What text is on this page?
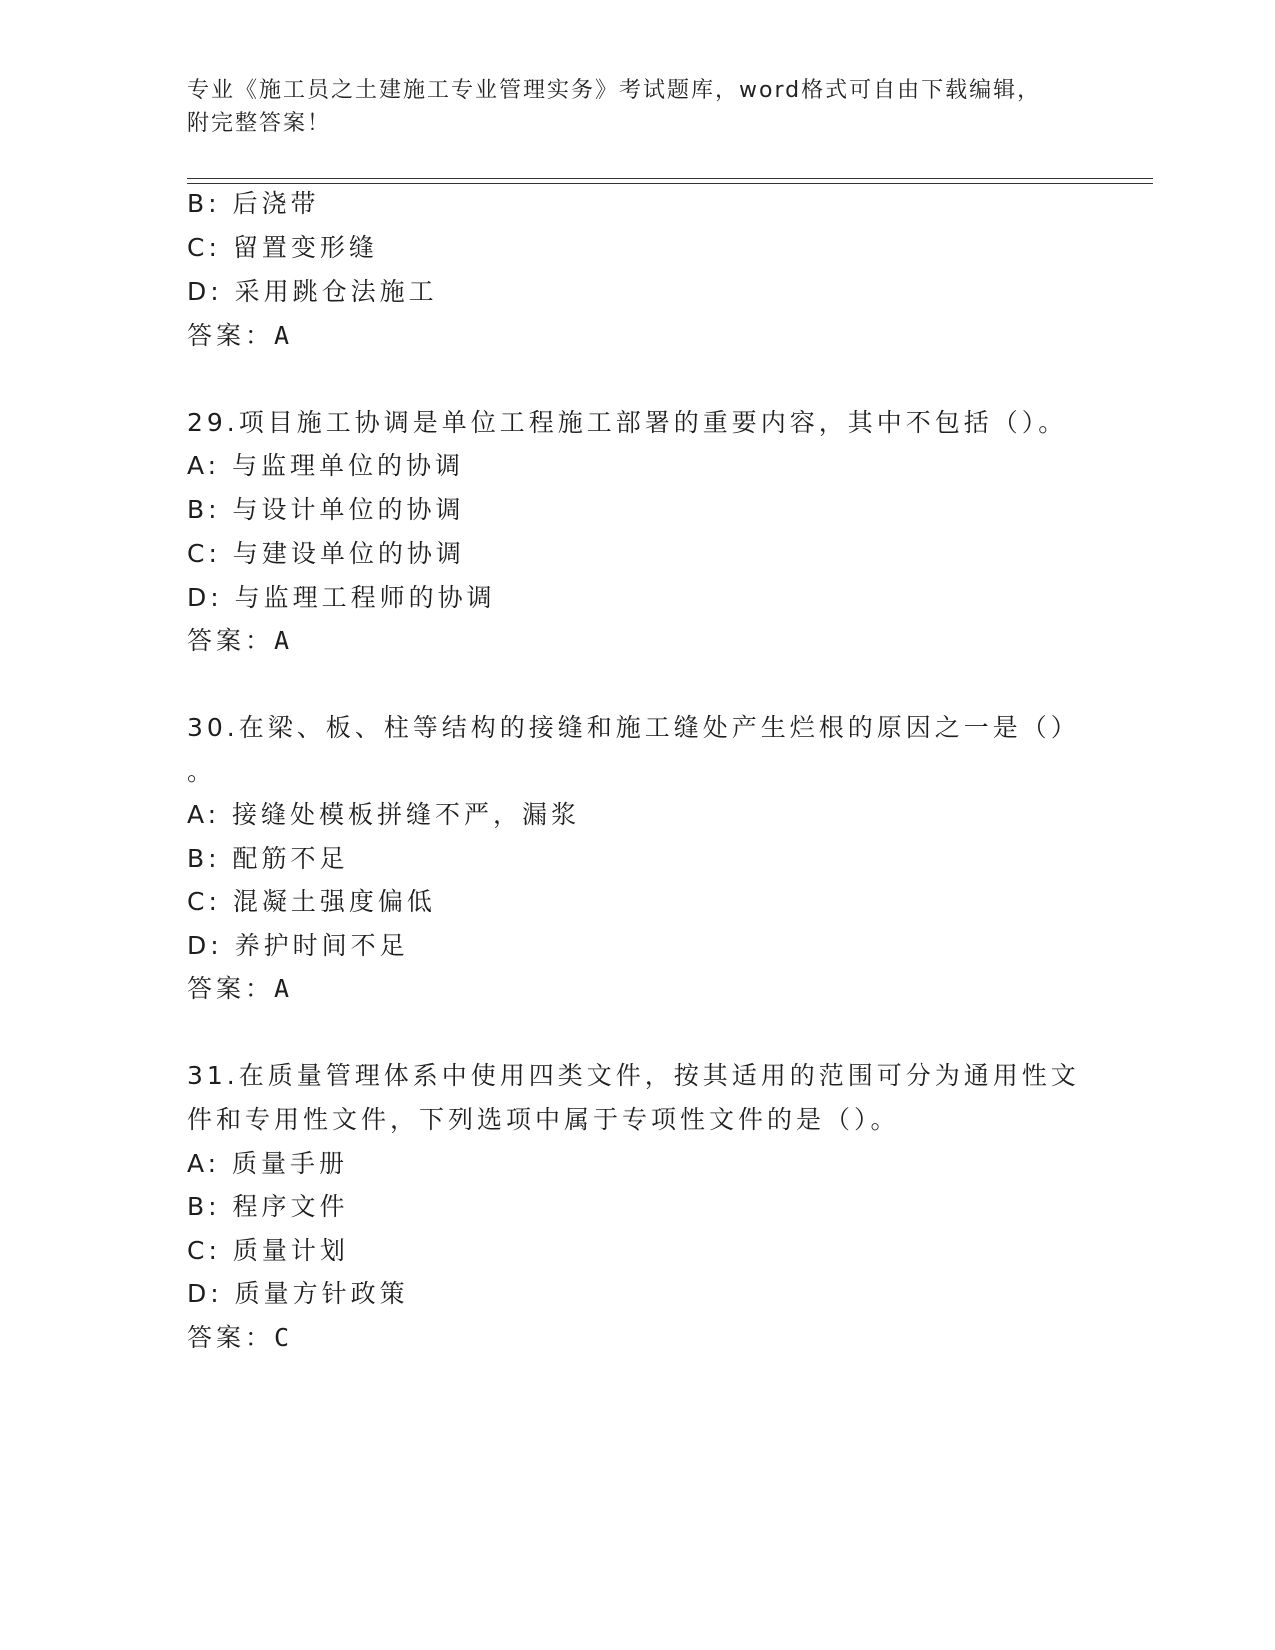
专业《施工员之土建施工专业管理实务》考试题库，word格式可自由下载编辑，
附完整答案！
B: 后浇带
C: 留置变形缝
D: 采用跳仓法施工
答案：A
29.项目施工协调是单位工程施工部署的重要内容，其中不包括（）。
A: 与监理单位的协调
B: 与设计单位的协调
C: 与建设单位的协调
D: 与监理工程师的协调
答案：A
30.在梁、板、柱等结构的接缝和施工缝处产生烂根的原因之一是（）
。
A: 接缝处模板拼缝不严，漏浆
B: 配筋不足
C: 混凝土强度偏低
D: 养护时间不足
答案：A
31.在质量管理体系中使用四类文件，按其适用的范围可分为通用性文
件和专用性文件，下列选项中属于专项性文件的是（）。
A: 质量手册
B: 程序文件
C: 质量计划
D: 质量方针政策
答案：C
